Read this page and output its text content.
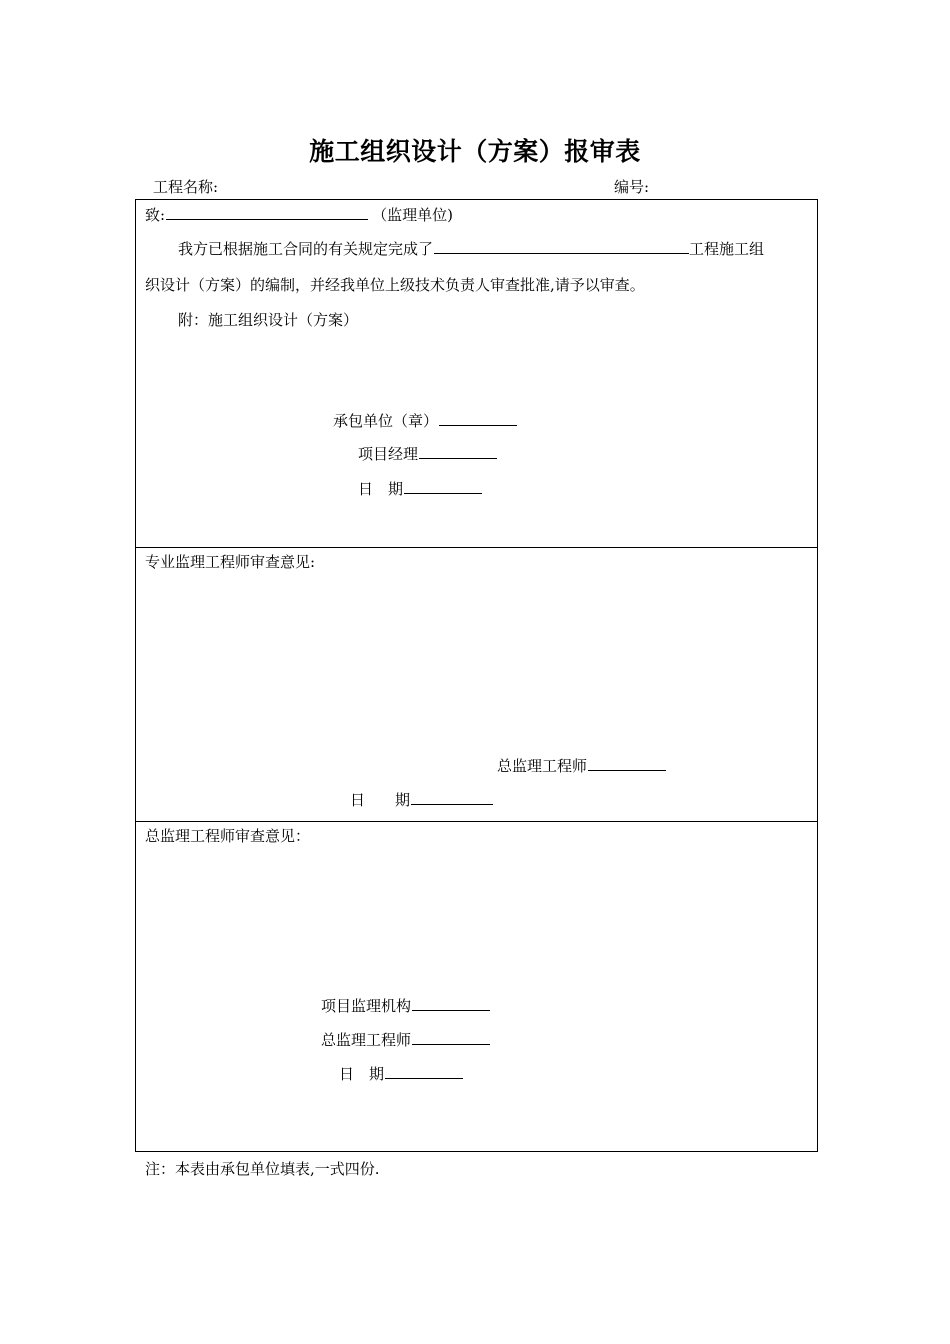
施工组织设计（方案）报审表
工程名称:	编号:
致:	（监理单位)
我方已根据施工合同的有关规定完成了	工程施工组
织设计（方案）的编制，并经我单位上级技术负责人审查批准,请予以审查。
附：施工组织设计（方案）
承包单位（章）
项目经理
日　期
专业监理工程师审查意见:
总监理工程师
日　　期
总监理工程师审查意见：
项目监理机构
总监理工程师
日　期
注：本表由承包单位填表,一式四份.
